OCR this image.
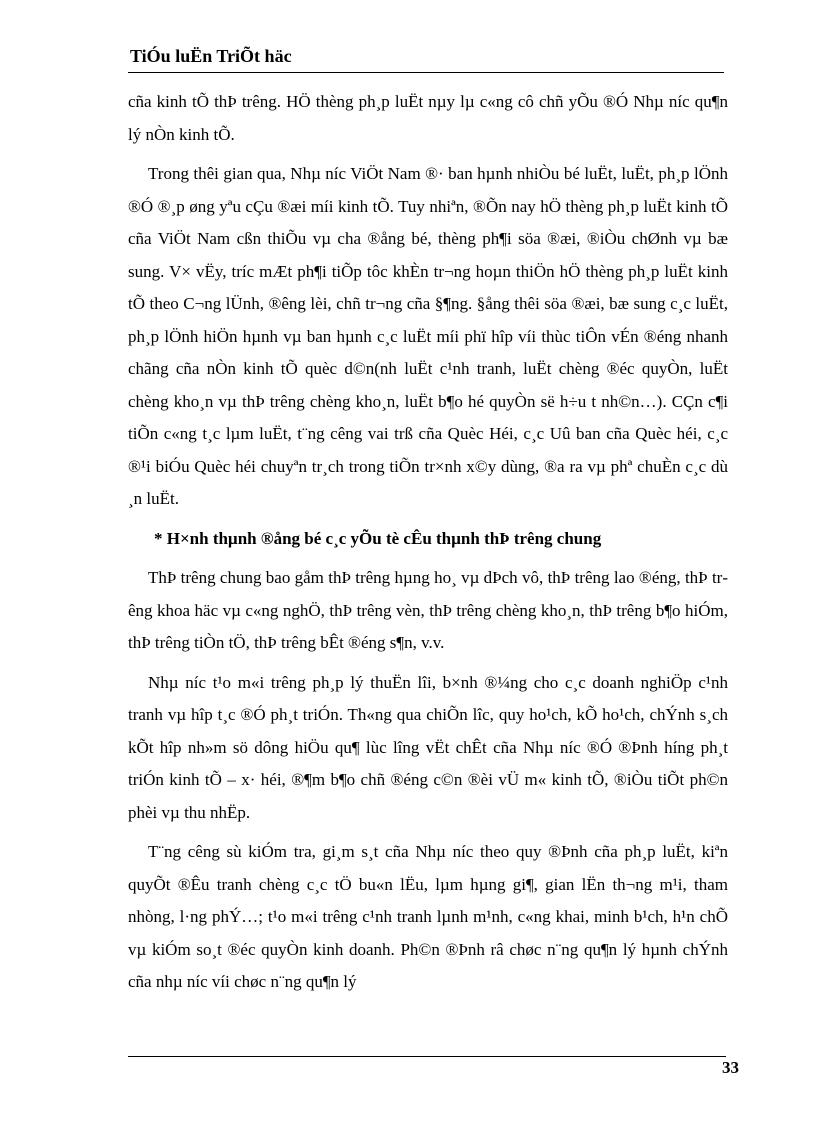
TiÓu luËn TriÕt häc

cña kinh tÕ thÞ trêng. HÖ thèng ph¸p luËt nµy lµ c«ng cô chñ yÕu ®Ó Nhµ níc qu¶n lý nÒn kinh tÕ.

Trong thêi gian qua, Nhµ níc ViÖt Nam ®· ban hµnh nhiÒu bé luËt, luËt, ph¸p lÖnh ®Ó ®¸p øng yªu cÇu ®æi míi kinh tÕ. Tuy nhiªn, ®Õn nay hÖ thèng ph¸p luËt kinh tÕ cña ViÖt Nam cßn thiÕu vµ cha ®ång bé, thèng ph¶i söa ®æi, ®iÒu chØnh vµ bæ sung. V× vËy, tríc mÆt ph¶i tiÕp tôc khÈn tr¬ng hoµn thiÖn hÖ thèng ph¸p luËt kinh tÕ theo C¬ng lÜnh, ®êng lèi, chñ tr¬ng cña §¶ng. §ång thêi söa ®æi, bæ sung c¸c luËt, ph¸p lÖnh hiÖn hµnh vµ ban hµnh c¸c luËt míi phï hîp víi thùc tiÔn vÉn ®éng nhanh chãng cña nÒn kinh tÕ quèc d©n(nh luËt c¹nh tranh, luËt chèng ®éc quyÒn, luËt chèng kho¸n vµ thÞ trêng chèng kho¸n, luËt b¶o hé quyÒn së h÷u t nh©n…). CÇn c¶i tiÕn c«ng t¸c lµm luËt, t¨ng cêng vai trß cña Quèc Héi, c¸c Uû ban cña Quèc héi, c¸c ®¹i biÓu Quèc héi chuyªn tr¸ch trong tiÕn tr×nh x©y dùng, ®a ra vµ phª chuÈn c¸c dù ¸n luËt.

* H×nh thµnh ®ång bé c¸c yÕu tè cÊu thµnh thÞ trêng chung

ThÞ trêng chung bao gåm thÞ trêng hµng ho¸ vµ dÞch vô, thÞ trêng lao ®éng, thÞ trêng khoa häc vµ c«ng nghÖ, thÞ trêng vèn, thÞ trêng chèng kho¸n, thÞ trêng b¶o hiÓm, thÞ trêng tiÒn tÖ, thÞ trêng bÊt ®éng s¶n, v.v.

Nhµ níc t¹o m«i trêng ph¸p lý thuËn lîi, b×nh ®¼ng cho c¸c doanh nghiÖp c¹nh tranh vµ hîp t¸c ®Ó ph¸t triÓn. Th«ng qua chiÕn lîc, quy ho¹ch, kÕ ho¹ch, chÝnh s¸ch kÕt hîp nh»m sö dông hiÖu qu¶ lùc lîng vËt chÊt cña Nhµ níc ®Ó ®Þnh híng ph¸t triÓn kinh tÕ – x· héi, ®¶m b¶o chñ ®éng c©n ®èi vÜ m« kinh tÕ, ®iÒu tiÕt ph©n phèi vµ thu nhËp.

T¨ng cêng sù kiÓm tra, gi¸m s¸t cña Nhµ níc theo quy ®Þnh cña ph¸p luËt, kiªn quyÕt ®Êu tranh chèng c¸c tÖ bu«n lËu, lµm hµng gi¶, gian lËn th¬ng m¹i, tham nhòng, l·ng phÝ…; t¹o m«i trêng c¹nh tranh lµnh m¹nh, c«ng khai, minh b¹ch, h¹n chÕ vµ kiÓm so¸t ®éc quyÒn kinh doanh. Ph©n ®Þnh râ chøc n¨ng qu¶n lý hµnh chÝnh cña nhµ níc víi chøc n¨ng qu¶n lý

33
